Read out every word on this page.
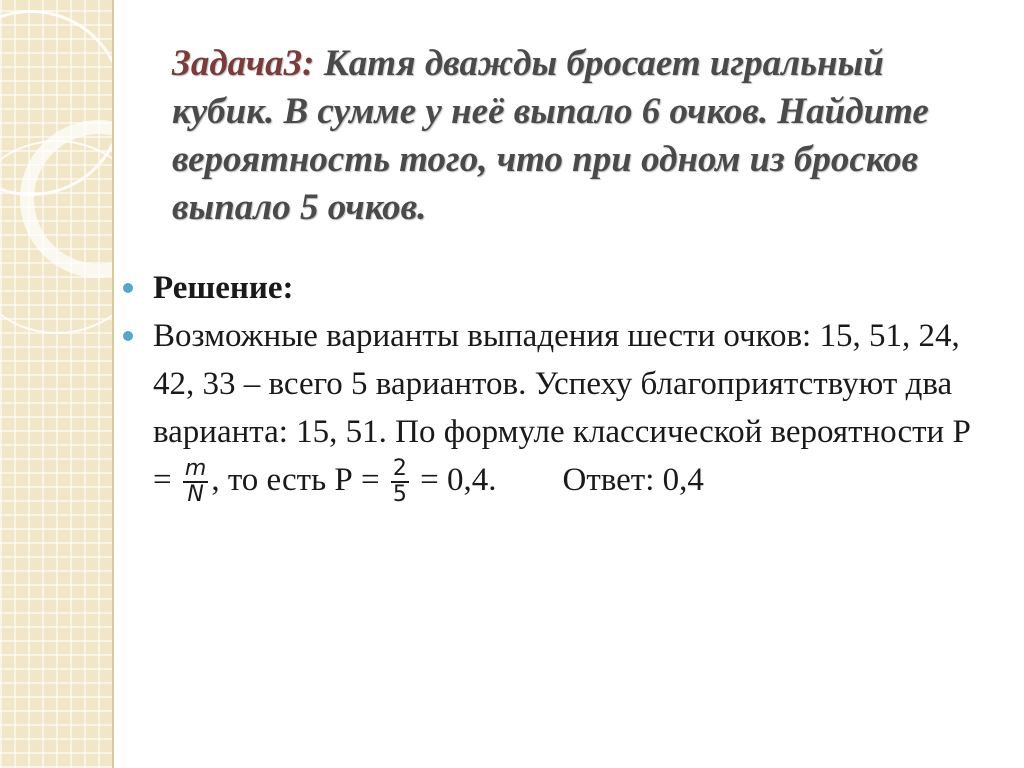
Задача3: Катя дважды бросает игральный кубик. В сумме у неё выпало 6 очков. Найдите вероятность того, что при одном из бросков выпало 5 очков.
Решение:
Возможные варианты выпадения шести очков: 15, 51, 24, 42, 33 – всего 5 вариантов. Успеху благоприятствуют два варианта: 15, 51. По формуле классической вероятности $Р = \frac{m}{N}$ , то есть $Р = \frac{2}{5} = 0,4$. Ответ: 0,4
